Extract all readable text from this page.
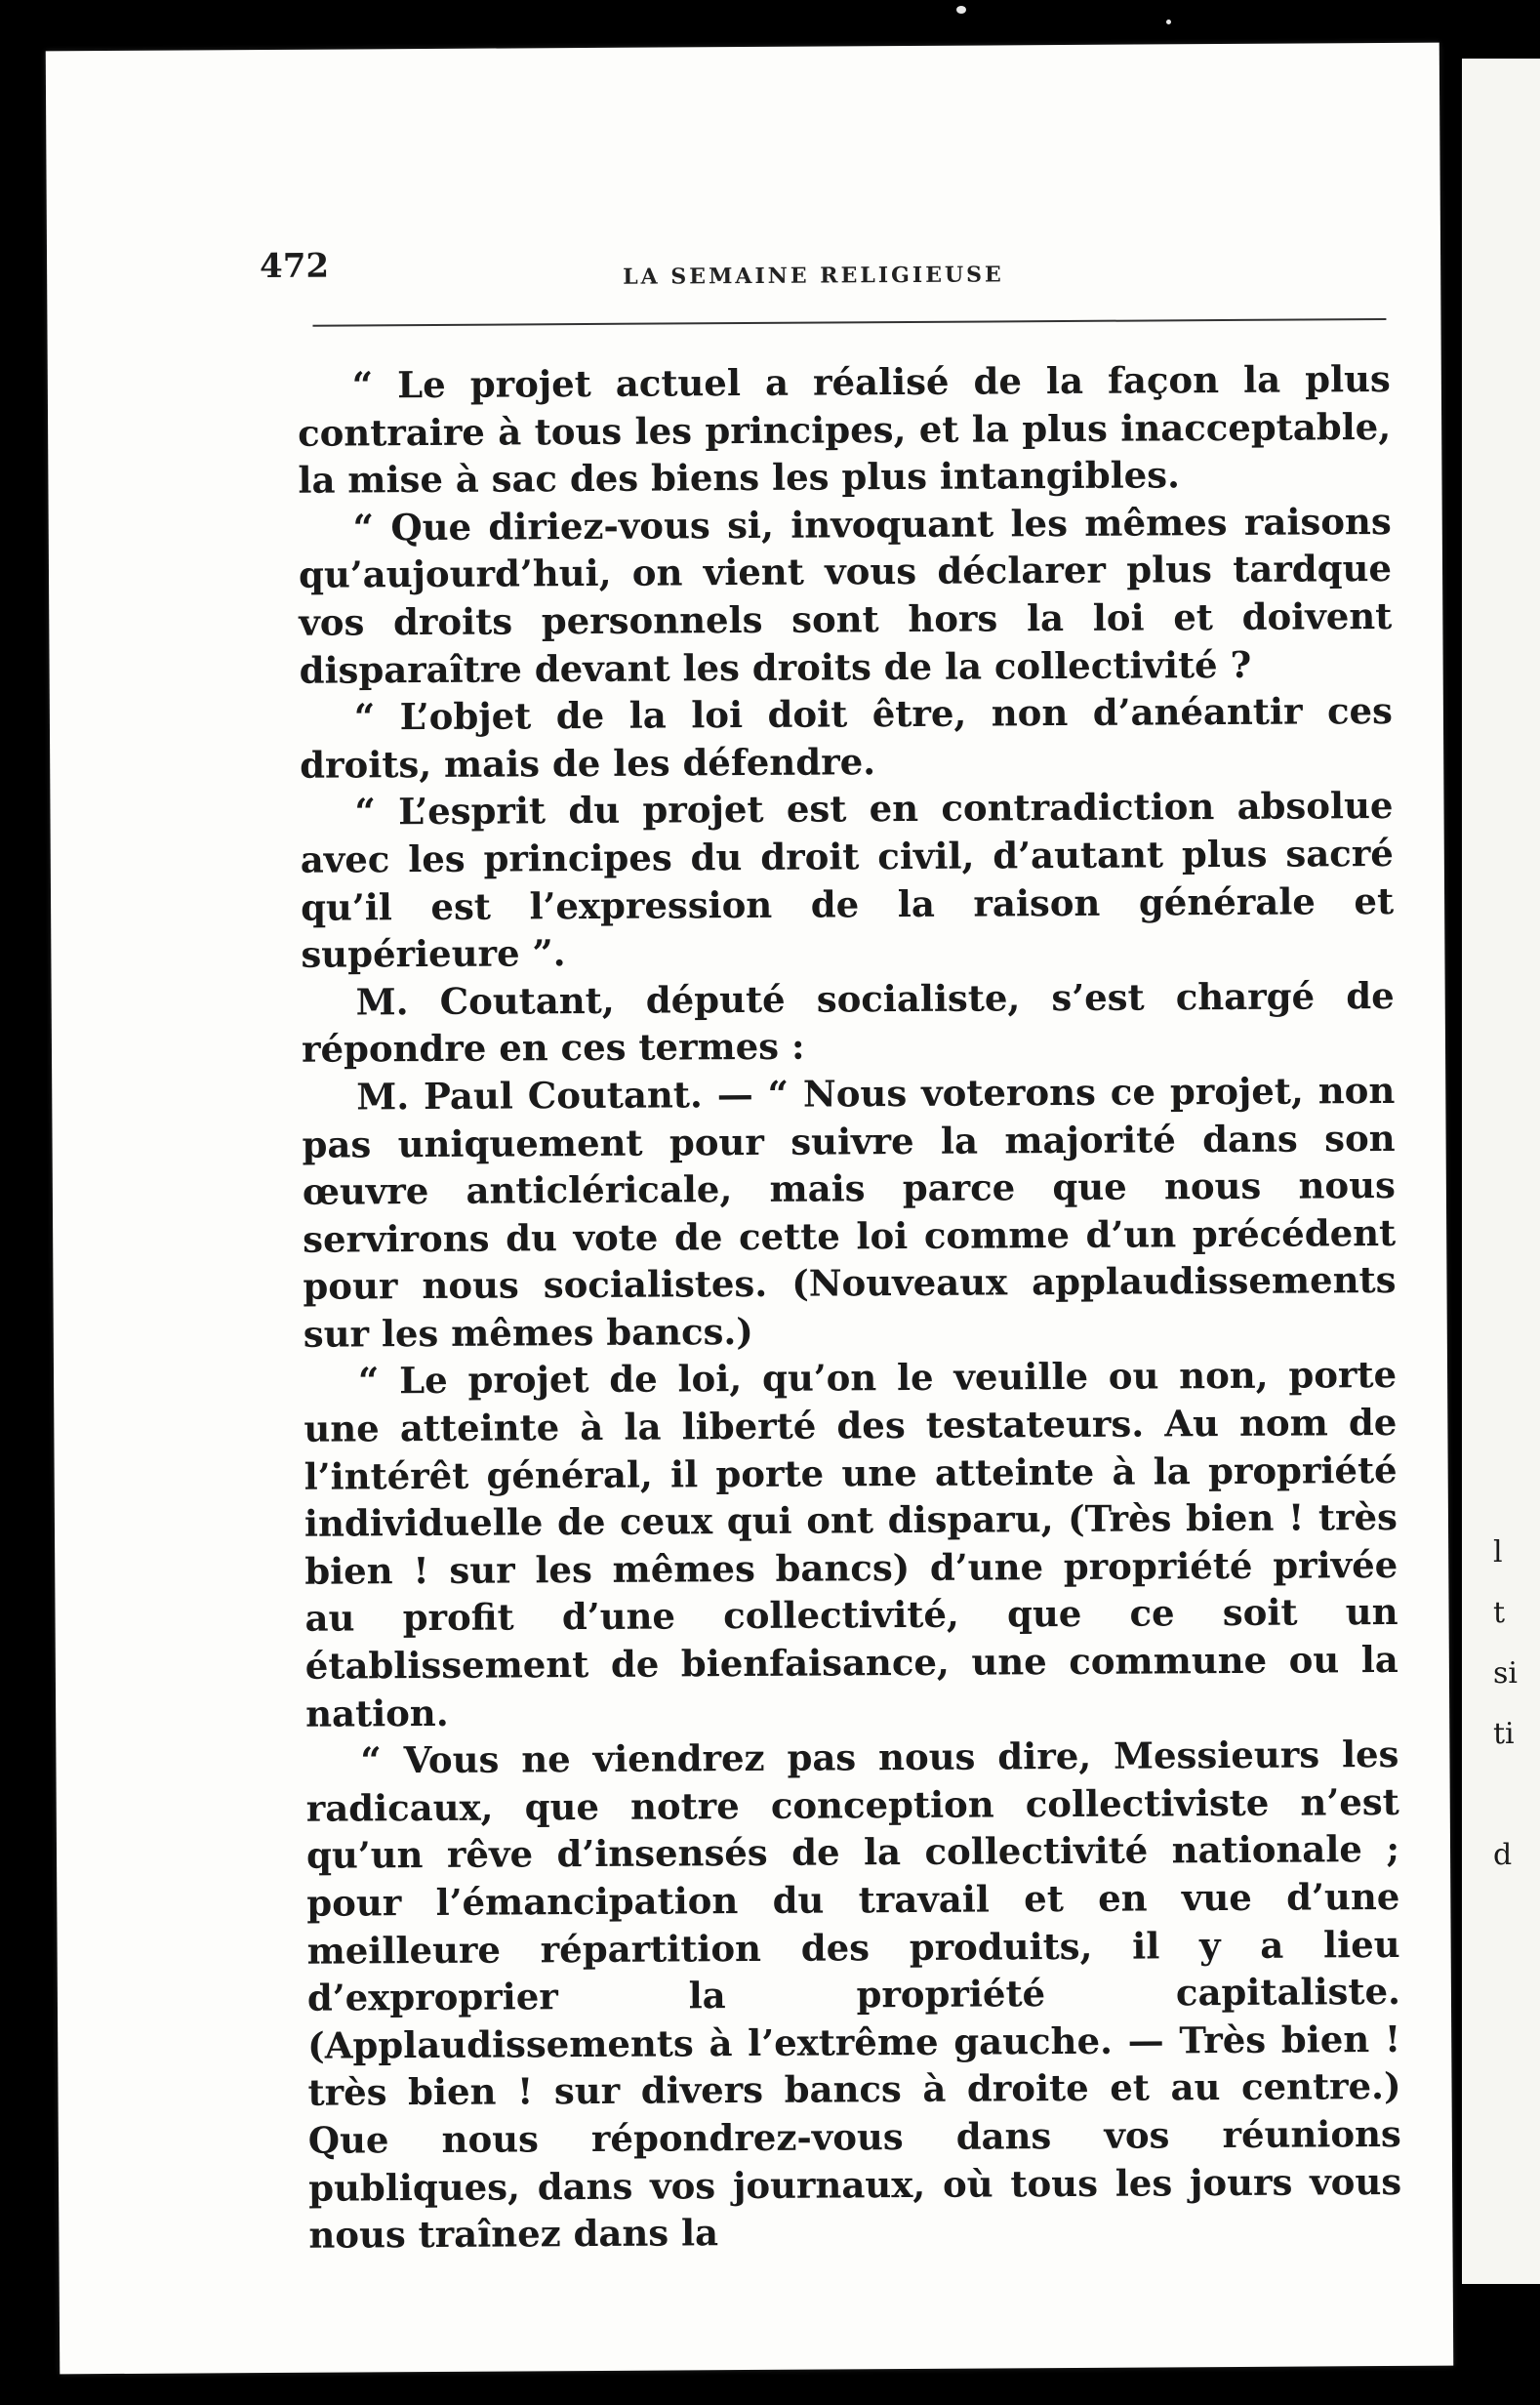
l
t
si
ti

d
472	LA SEMAINE RELIGIEUSE

“ Le projet actuel a réalisé de la façon la plus contraire à tous les principes, et la plus inacceptable, la mise à sac des biens les plus intangibles.

“ Que diriez-vous si, invoquant les mêmes raisons qu’aujourd’hui, on vient vous déclarer plus tardque vos droits personnels sont hors la loi et doivent disparaître devant les droits de la collectivité ?

“ L’objet de la loi doit être, non d’anéantir ces droits, mais de les défendre.

“ L’esprit du projet est en contradiction absolue avec les principes du droit civil, d’autant plus sacré qu’il est l’expression de la raison générale et supérieure ”.

M. Coutant, député socialiste, s’est chargé de répondre en ces termes :

M. Paul Coutant. — “ Nous voterons ce projet, non pas uniquement pour suivre la majorité dans son œuvre anticléricale, mais parce que nous nous servirons du vote de cette loi comme d’un précédent pour nous socialistes. (Nouveaux applaudissements sur les mêmes bancs.)

“ Le projet de loi, qu’on le veuille ou non, porte une atteinte à la liberté des testateurs. Au nom de l’intérêt général, il porte une atteinte à la propriété individuelle de ceux qui ont disparu, (Très bien ! très bien ! sur les mêmes bancs) d’une propriété privée au profit d’une collectivité, que ce soit un établissement de bienfaisance, une commune ou la nation.

“ Vous ne viendrez pas nous dire, Messieurs les radicaux, que notre conception collectiviste n’est qu’un rêve d’insensés de la collectivité nationale ; pour l’émancipation du travail et en vue d’une meilleure répartition des produits, il y a lieu d’exproprier la propriété capitaliste. (Applaudissements à l’extrême gauche. — Très bien ! très bien ! sur divers bancs à droite et au centre.) Que nous répondrez-vous dans vos réunions publiques, dans vos journaux, où tous les jours vous nous traînez dans la
